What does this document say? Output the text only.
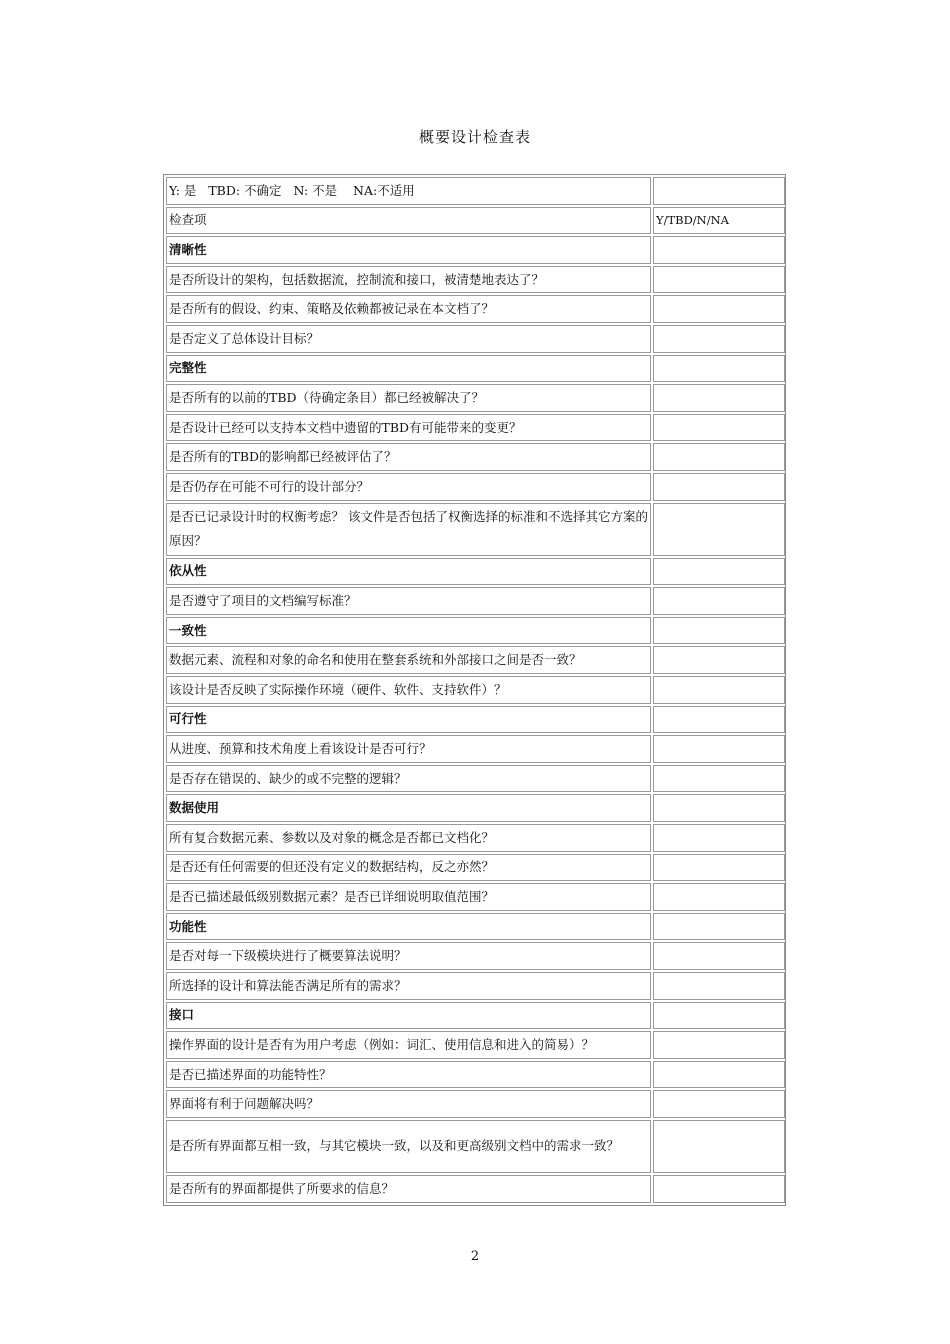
概要设计检查表
Y: 是   TBD: 不确定   N: 不是    NA:不适用	
检查项	Y/TBD/N/NA
清晰性	
是否所设计的架构，包括数据流，控制流和接口，被清楚地表达了？	
是否所有的假设、约束、策略及依赖都被记录在本文档了？	
是否定义了总体设计目标？	
完整性	
是否所有的以前的TBD（待确定条目）都已经被解决了？	
是否设计已经可以支持本文档中遗留的TBD有可能带来的变更？	
是否所有的TBD的影响都已经被评估了？	
是否仍存在可能不可行的设计部分？	
是否已记录设计时的权衡考虑？ 该文件是否包括了权衡选择的标准和不选择其它方案的原因？	
依从性	
是否遵守了项目的文档编写标准？	
一致性	
数据元素、流程和对象的命名和使用在整套系统和外部接口之间是否一致？	
该设计是否反映了实际操作环境（硬件、软件、支持软件）？	
可行性	
从进度、预算和技术角度上看该设计是否可行？	
是否存在错误的、缺少的或不完整的逻辑？	
数据使用	
所有复合数据元素、参数以及对象的概念是否都已文档化？	
是否还有任何需要的但还没有定义的数据结构，反之亦然？	
是否已描述最低级别数据元素？是否已详细说明取值范围？	
功能性	
是否对每一下级模块进行了概要算法说明？	
所选择的设计和算法能否满足所有的需求？	
接口	
操作界面的设计是否有为用户考虑（例如：词汇、使用信息和进入的简易）？	
是否已描述界面的功能特性？	
界面将有利于问题解决吗？	
是否所有界面都互相一致，与其它模块一致，以及和更高级别文档中的需求一致？	
是否所有的界面都提供了所要求的信息？	
2
